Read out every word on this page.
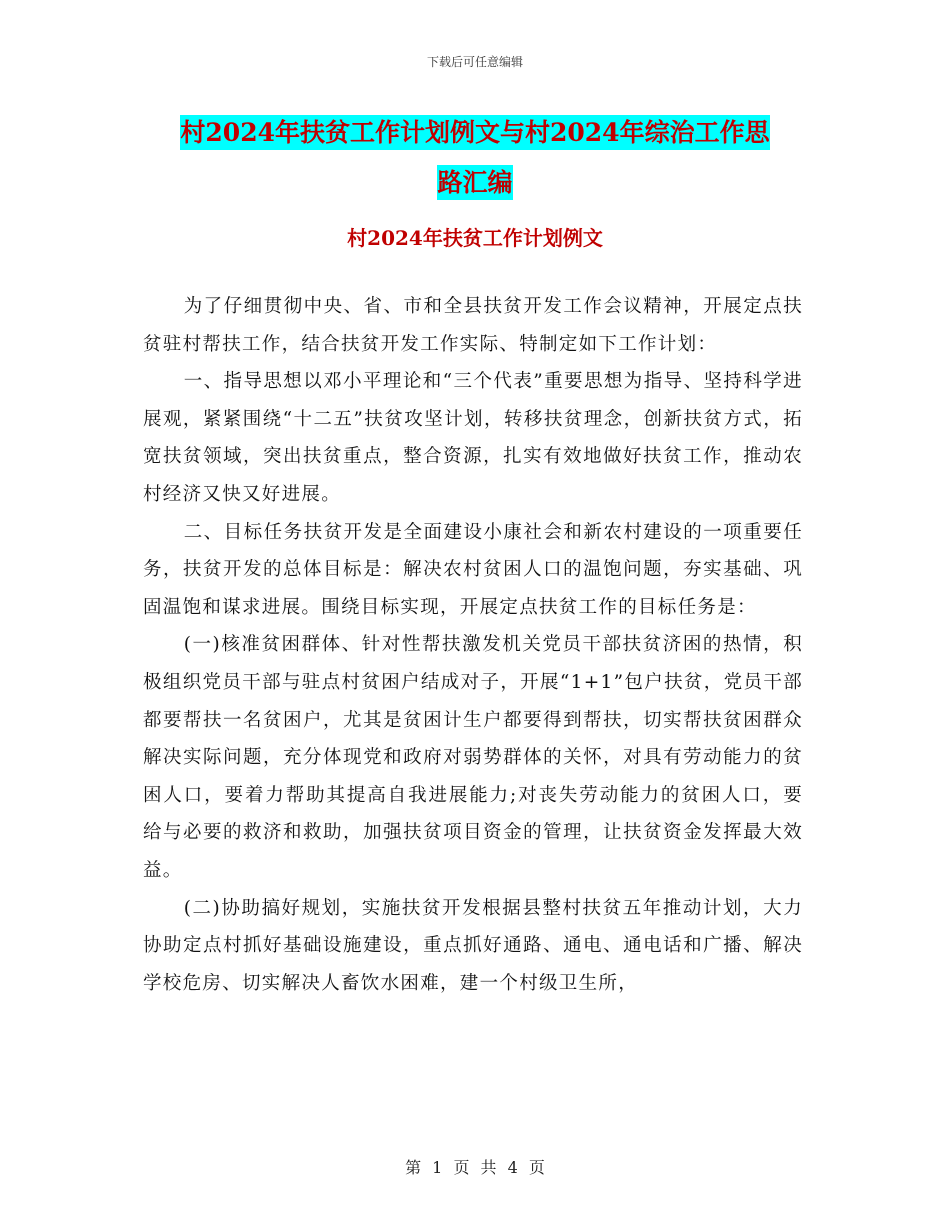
下载后可任意编辑
村2024年扶贫工作计划例文与村2024年综治工作思
路汇编
村2024年扶贫工作计划例文

为了仔细贯彻中央、省、市和全县扶贫开发工作会议精神，开展定点扶贫驻村帮扶工作，结合扶贫开发工作实际、特制定如下工作计划：

一、指导思想以邓小平理论和“三个代表”重要思想为指导、坚持科学进展观，紧紧围绕“十二五”扶贫攻坚计划，转移扶贫理念，创新扶贫方式，拓宽扶贫领域，突出扶贫重点，整合资源，扎实有效地做好扶贫工作，推动农村经济又快又好进展。

二、目标任务扶贫开发是全面建设小康社会和新农村建设的一项重要任务，扶贫开发的总体目标是：解决农村贫困人口的温饱问题，夯实基础、巩固温饱和谋求进展。围绕目标实现，开展定点扶贫工作的目标任务是：

(一)核准贫困群体、针对性帮扶激发机关党员干部扶贫济困的热情，积极组织党员干部与驻点村贫困户结成对子，开展“1+1”包户扶贫，党员干部都要帮扶一名贫困户，尤其是贫困计生户都要得到帮扶，切实帮扶贫困群众解决实际问题，充分体现党和政府对弱势群体的关怀，对具有劳动能力的贫困人口，要着力帮助其提高自我进展能力;对丧失劳动能力的贫困人口，要给与必要的救济和救助，加强扶贫项目资金的管理，让扶贫资金发挥最大效益。

(二)协助搞好规划，实施扶贫开发根据县整村扶贫五年推动计划，大力协助定点村抓好基础设施建设，重点抓好通路、通电、通电话和广播、解决学校危房、切实解决人畜饮水困难，建一个村级卫生所，

第 1 页 共 4 页
